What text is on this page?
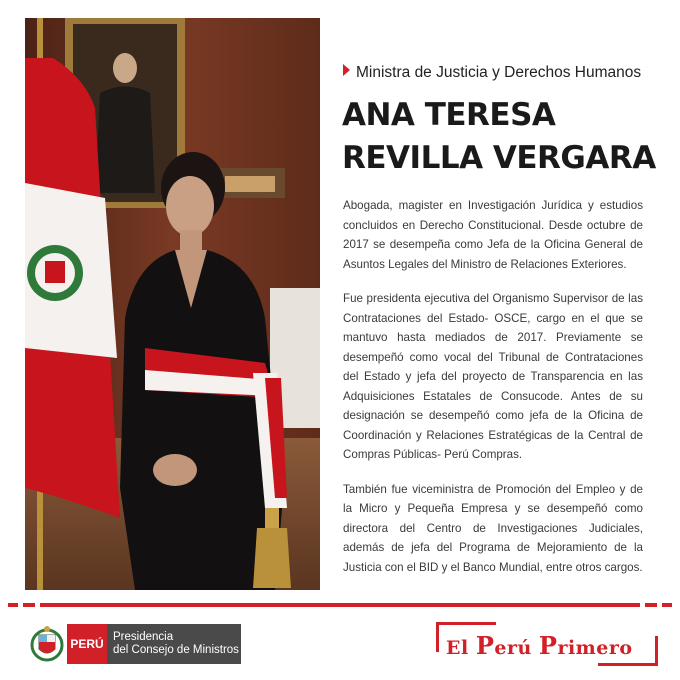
Ministra de Justicia y Derechos Humanos
ANA TERESA
REVILLA VERGARA

Abogada, magister en Investigación Jurídica y estudios concluidos en Derecho Constitucional. Desde octubre de 2017 se desempeña como Jefa de la Oficina General de Asuntos Legales del Ministro de Relaciones Exteriores.

Fue presidenta ejecutiva del Organismo Supervisor de las Contrataciones del Estado- OSCE, cargo en el que se mantuvo hasta mediados de 2017. Previamente se desempeñó como vocal del Tribunal de Contrataciones del Estado y jefa del proyecto de Transparencia en las Adquisiciones Estatales de Consucode. Antes de su designación se desempeñó como jefa de la Oficina de Coordinación y Relaciones Estratégicas de la Central de Compras Públicas- Perú Compras.

También fue viceministra de Promoción del Empleo y de la Micro y Pequeña Empresa y se desempeñó como directora del Centro de Investigaciones Judiciales, además de jefa del Programa de Mejoramiento de la Justicia con el BID y el Banco Mundial, entre otros cargos.

PERÚ Presidencia
del Consejo de Ministros	El Perú Primero
